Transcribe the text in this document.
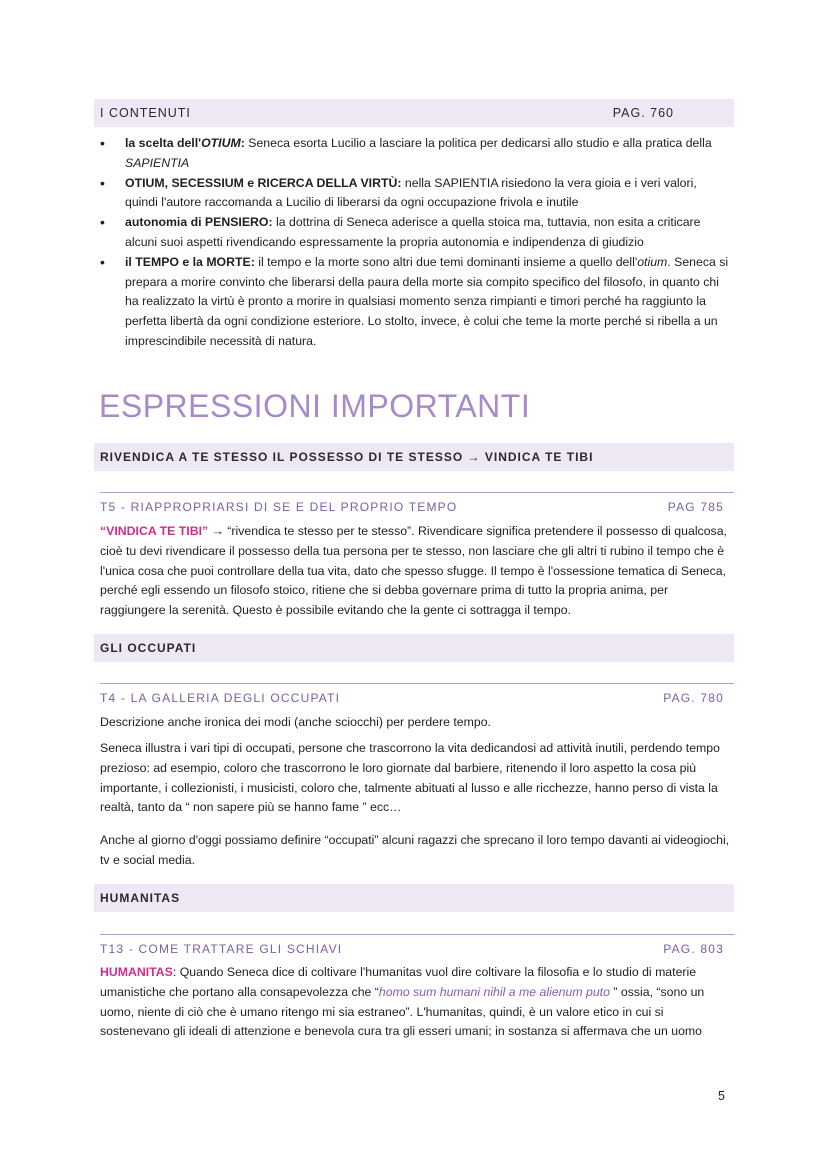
I CONTENUTI	PAG. 760
• la scelta dell'OTIUM: Seneca esorta Lucilio a lasciare la politica per dedicarsi allo studio e alla pratica della SAPIENTIA
• OTIUM, SECESSIUM e RICERCA DELLA VIRTÙ: nella SAPIENTIA risiedono la vera gioia e i veri valori, quindi l'autore raccomanda a Lucilio di liberarsi da ogni occupazione frivola e inutile
• autonomia di PENSIERO: la dottrina di Seneca aderisce a quella stoica ma, tuttavia, non esita a criticare alcuni suoi aspetti rivendicando espressamente la propria autonomia e indipendenza di giudizio
• il TEMPO e la MORTE: il tempo e la morte sono altri due temi dominanti insieme a quello dell'otium. Seneca si prepara a morire convinto che liberarsi della paura della morte sia compito specifico del filosofo, in quanto chi ha realizzato la virtù è pronto a morire in qualsiasi momento senza rimpianti e timori perché ha raggiunto la perfetta libertà da ogni condizione esteriore. Lo stolto, invece, è colui che teme la morte perché si ribella a un imprescindibile necessità di natura.
ESPRESSIONI IMPORTANTI
RIVENDICA A TE STESSO IL POSSESSO DI TE STESSO
→
VINDICA TE TIBI
T5 - RIAPPROPRIARSI DI SE E DEL PROPRIO TEMPO	PAG 785

“VINDICA TE TIBI” → “rivendica te stesso per te stesso”. Rivendicare significa pretendere il possesso di qualcosa, cioè tu devi rivendicare il possesso della tua persona per te stesso, non lasciare che gli altri ti rubino il tempo che è l'unica cosa che puoi controllare della tua vita, dato che spesso sfugge. Il tempo è l'ossessione tematica di Seneca, perché egli essendo un filosofo stoico, ritiene che si debba governare prima di tutto la propria anima, per raggiungere la serenità. Questo è possibile evitando che la gente ci sottragga il tempo.

GLI OCCUPATI
T4 - LA GALLERIA DEGLI OCCUPATI	PAG. 780

Descrizione anche ironica dei modi (anche sciocchi) per perdere tempo.

Seneca illustra i vari tipi di occupati, persone che trascorrono la vita dedicandosi ad attività inutili, perdendo tempo prezioso: ad esempio, coloro che trascorrono le loro giornate dal barbiere, ritenendo il loro aspetto la cosa più importante, i collezionisti, i musicisti, coloro che, talmente abituati al lusso e alle ricchezze, hanno perso di vista la realtà, tanto da “ non sapere più se hanno fame ” ecc…

Anche al giorno d'oggi possiamo definire “occupati” alcuni ragazzi che sprecano il loro tempo davanti ai videogiochi, tv e social media.

HUMANITAS
T13 - COME TRATTARE GLI SCHIAVI	PAG. 803

HUMANITAS: Quando Seneca dice di coltivare l'humanitas vuol dire coltivare la filosofia e lo studio di materie umanistiche che portano alla consapevolezza che “homo sum humani nihil a me alienum puto ” ossia, “sono un uomo, niente di ciò che è umano ritengo mi sia estraneo”. L'humanitas, quindi, è un valore etico in cui si sostenevano gli ideali di attenzione e benevola cura tra gli esseri umani; in sostanza si affermava che un uomo

5
